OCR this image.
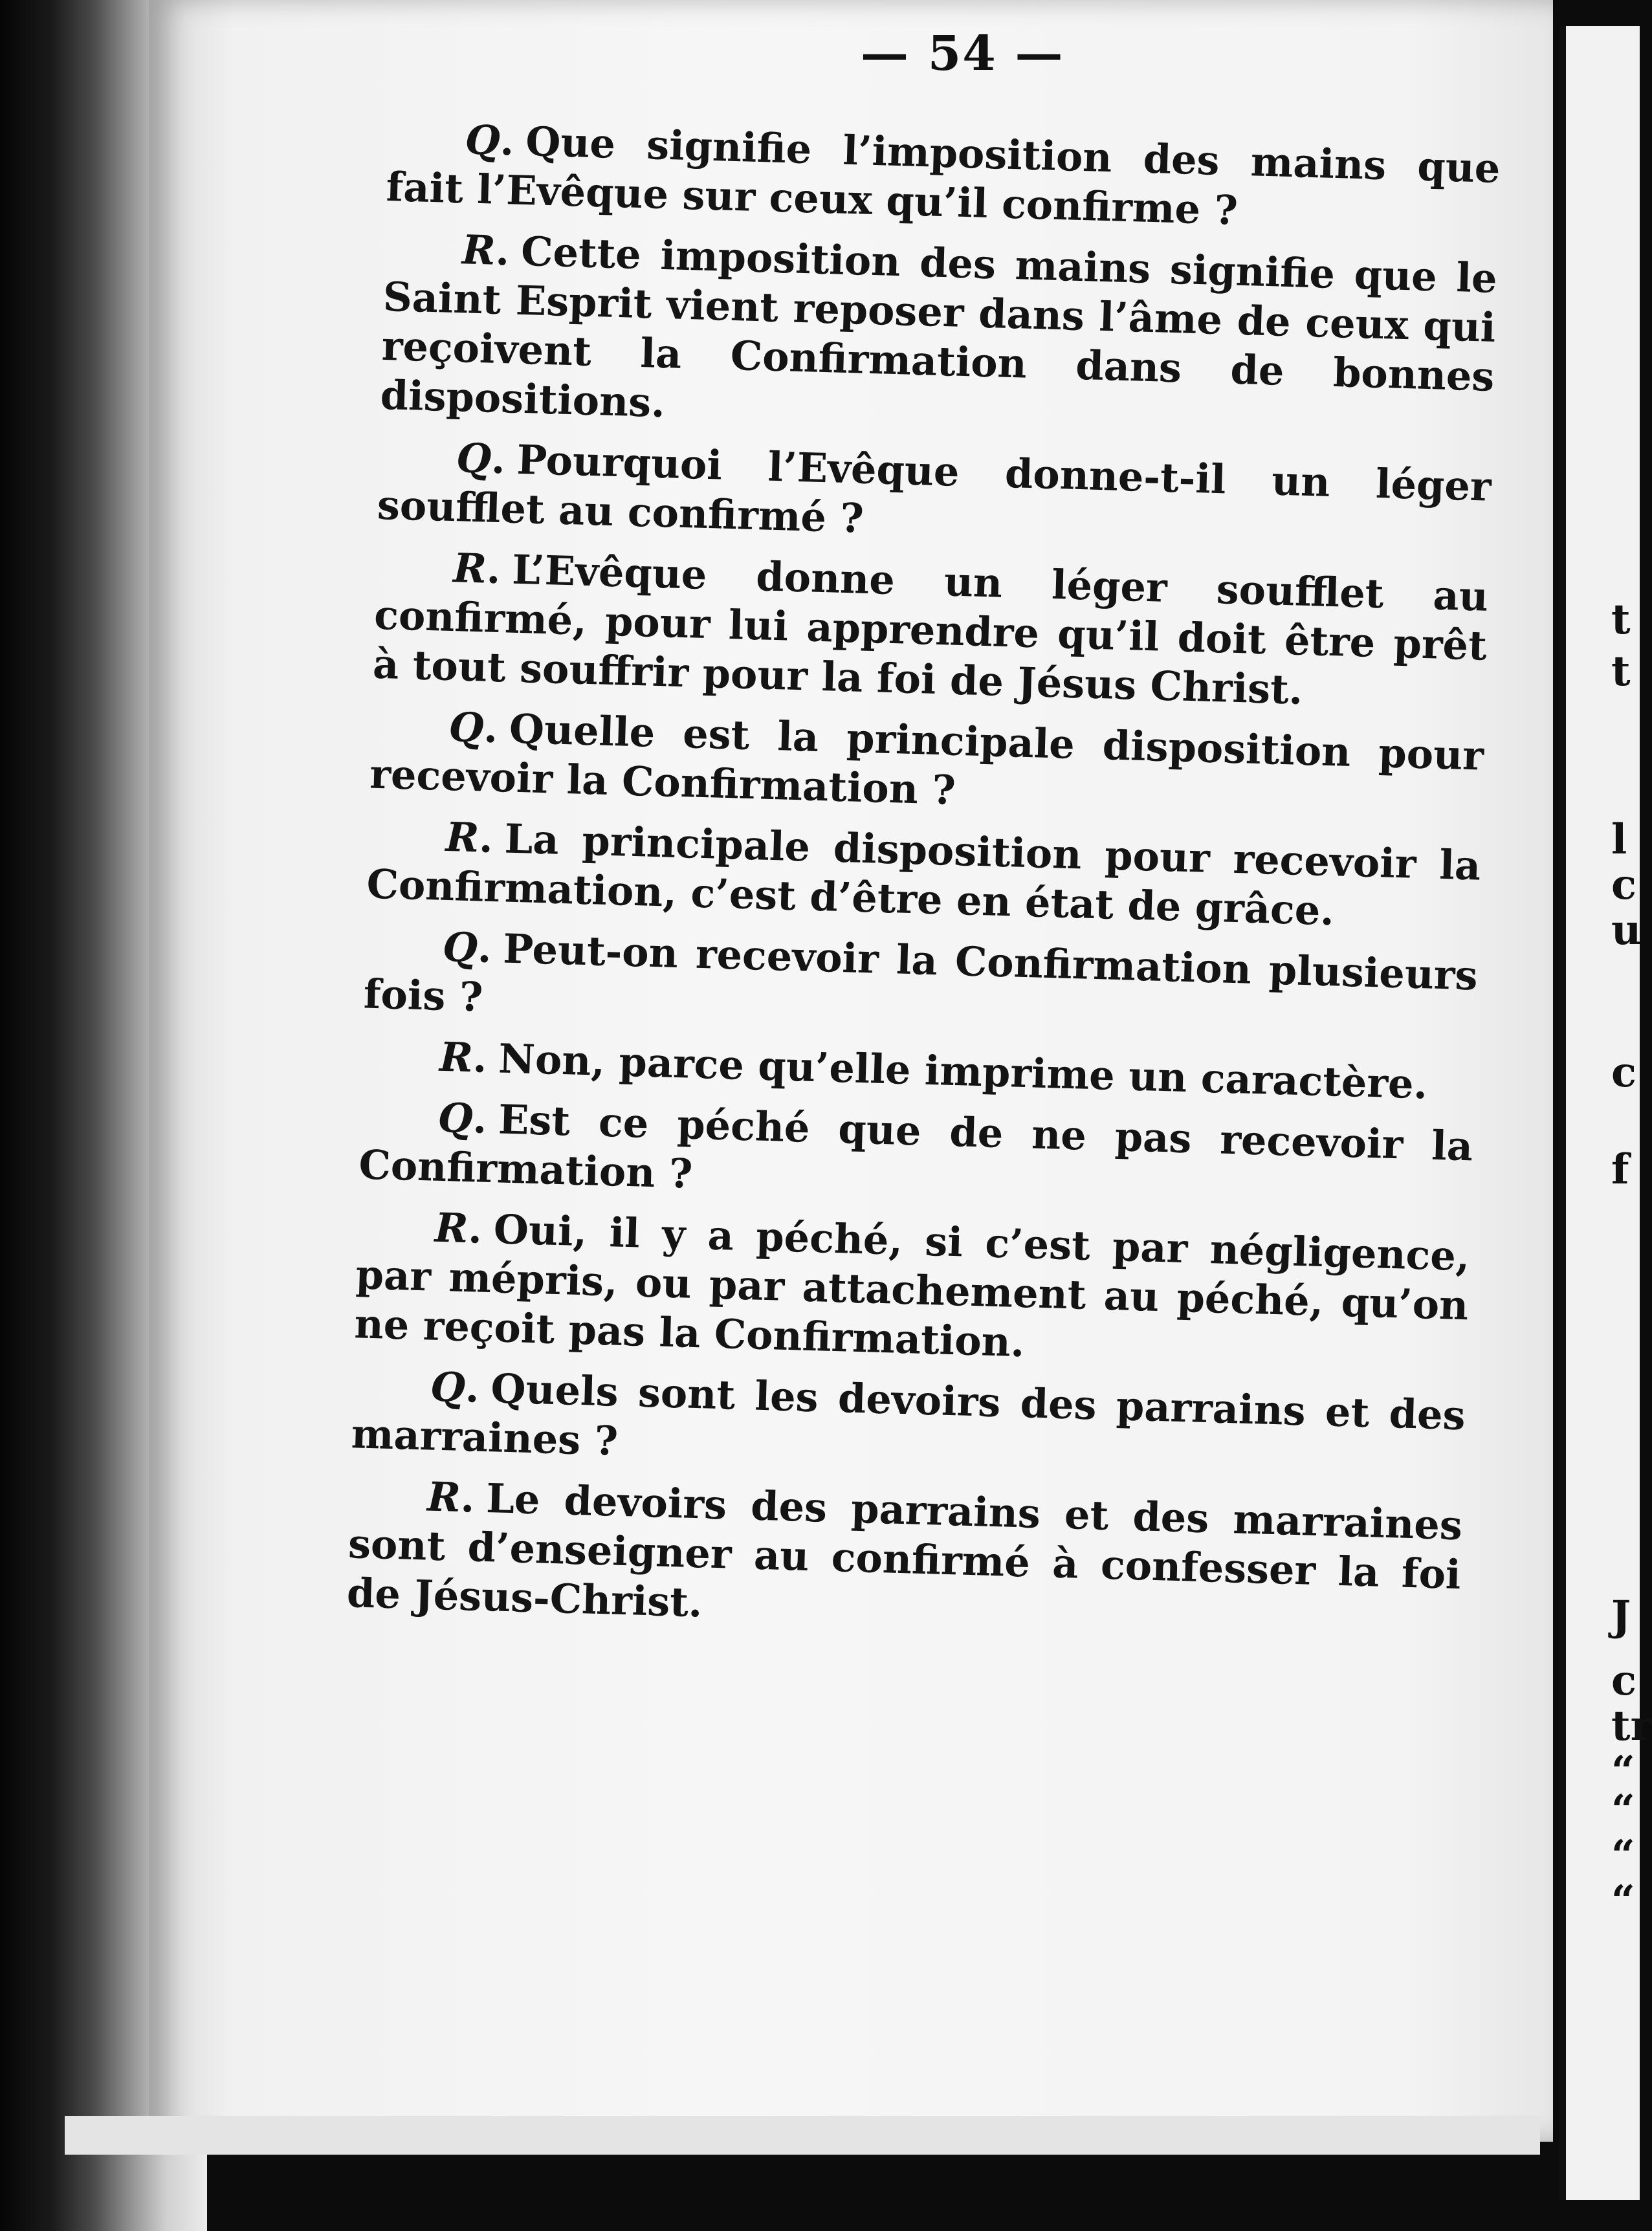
— 54 —

Q. Que signifie l’imposition des mains que fait l’Evêque sur ceux qu’il confirme ?

R. Cette imposition des mains signifie que le Saint Esprit vient reposer dans l’âme de ceux qui reçoivent la Confirmation dans de bonnes dispositions.

Q. Pourquoi l’Evêque donne-t-il un léger soufflet au confirmé ?

R. L’Evêque donne un léger soufflet au confirmé, pour lui apprendre qu’il doit être prêt à tout souffrir pour la foi de Jésus Christ.

Q. Quelle est la principale disposition pour recevoir la Confirmation ?

R. La principale disposition pour recevoir la Confirmation, c’est d’être en état de grâce.

Q. Peut-on recevoir la Confirmation plusieurs fois ?

R. Non, parce qu’elle imprime un caractère.

Q. Est ce péché que de ne pas recevoir la Confirmation ?

R. Oui, il y a péché, si c’est par négligence, par mépris, ou par attachement au péché, qu’on ne reçoit pas la Confirmation.

Q. Quels sont les devoirs des parrains et des marraines ?

R. Le devoirs des parrains et des marraines sont d’enseigner au confirmé à confesser la foi de Jésus-Christ.

t
t
l
c
u
c
f
J
c
tr
“
“
“
“
